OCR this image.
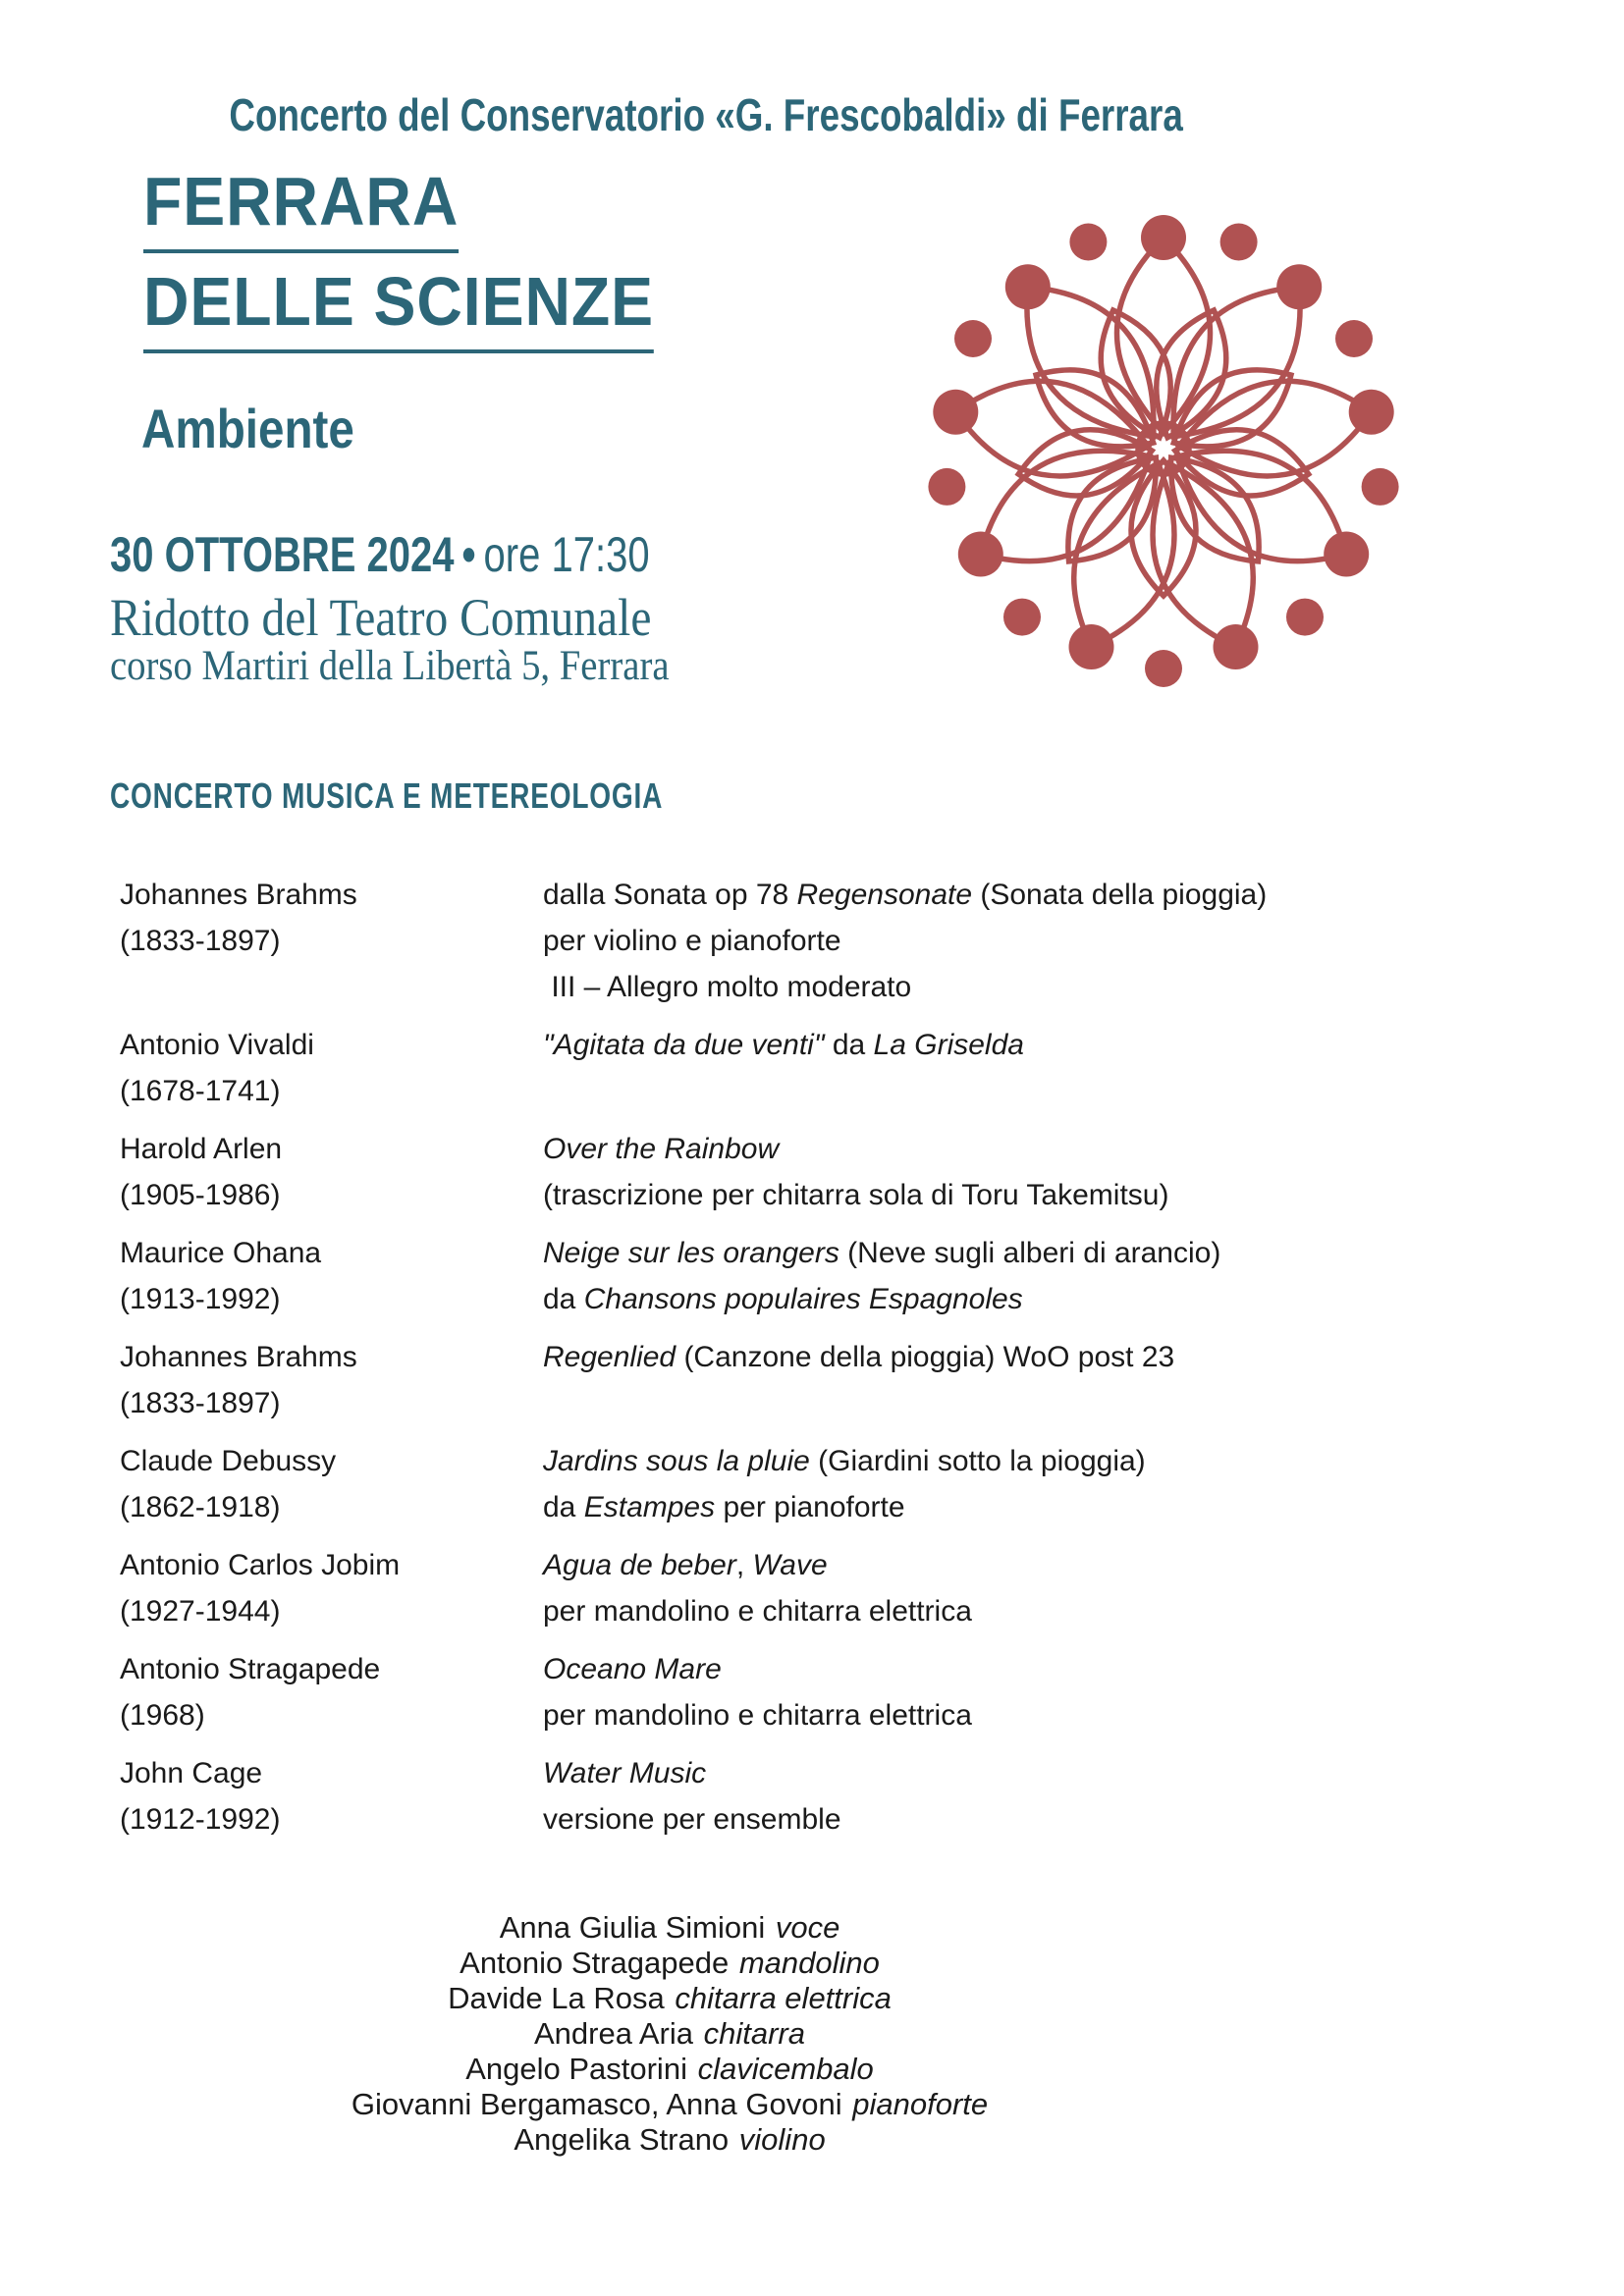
Concerto del Conservatorio «G. Frescobaldi» di Ferrara
FERRARA
DELLE SCIENZE
Ambiente
30 OTTOBRE 2024 • ore 17:30
Ridotto del Teatro Comunale
corso Martiri della Libertà 5, Ferrara
CONCERTO MUSICA E METEREOLOGIA
Johannes Brahms
(1833-1897)
dalla Sonata op 78 Regensonate (Sonata della pioggia)
per violino e pianoforte
III – Allegro molto moderato
Antonio Vivaldi
(1678-1741)
"Agitata da due venti" da La Griselda
Harold Arlen
(1905-1986)
Over the Rainbow
(trascrizione per chitarra sola di Toru Takemitsu)
Maurice Ohana
(1913-1992)
Neige sur les orangers (Neve sugli alberi di arancio)
da Chansons populaires Espagnoles
Johannes Brahms
(1833-1897)
Regenlied (Canzone della pioggia) WoO post 23
Claude Debussy
(1862-1918)
Jardins sous la pluie (Giardini sotto la pioggia)
da Estampes per pianoforte
Antonio Carlos Jobim
(1927-1944)
Agua de beber, Wave
per mandolino e chitarra elettrica
Antonio Stragapede
(1968)
Oceano Mare
per mandolino e chitarra elettrica
John Cage
(1912-1992)
Water Music
versione per ensemble
Anna Giulia Simioni voce
Antonio Stragapede mandolino
Davide La Rosa chitarra elettrica
Andrea Aria chitarra
Angelo Pastorini clavicembalo
Giovanni Bergamasco, Anna Govoni pianoforte
Angelika Strano violino
